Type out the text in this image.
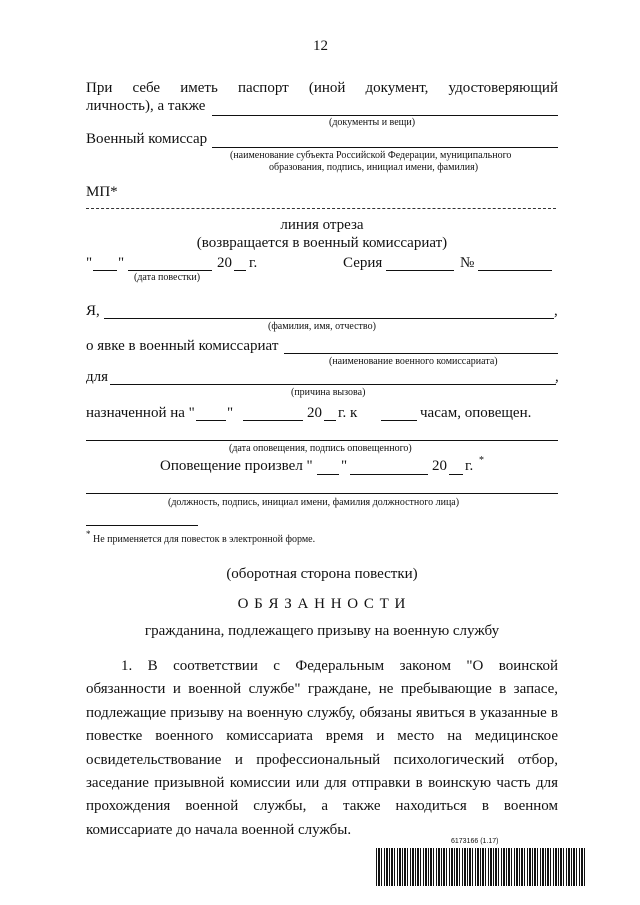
12
При себе иметь паспорт (иной документ, удостоверяющий
личность), а также
(документы и вещи)
Военный комиссар
(наименование субъекта Российской Федерации, муниципального
образования, подпись, инициал имени, фамилия)
МП*
линия отреза
(возвращается в военный комиссариат)
" "	20 г.
(дата повестки)
Серия	№
Я,	,
(фамилия, имя, отчество)
о явке в военный комиссариат
(наименование военного комиссариата)
для	,
(причина вызова)
назначенной на " "	20 г. к	часам, оповещен.
(дата оповещения, подпись оповещенного)
Оповещение произвел " "	20 г. *
(должность, подпись, инициал имени, фамилия должностного лица)
* Не применяется для повесток в электронной форме.
(оборотная сторона повестки)
О Б Я З А Н Н О С Т И
гражданина, подлежащего призыву на военную службу
1. В соответствии с Федеральным законом "О воинской обязанности и военной службе" граждане, не пребывающие в запасе, подлежащие призыву на военную службу, обязаны явиться в указанные в повестке военного комиссариата время и место на медицинское освидетельствование и профессиональный психологический отбор, заседание призывной комиссии или для отправки в воинскую часть для прохождения военной службы, а также находиться в военном комиссариате до начала военной службы.
6173166 (1.17)
